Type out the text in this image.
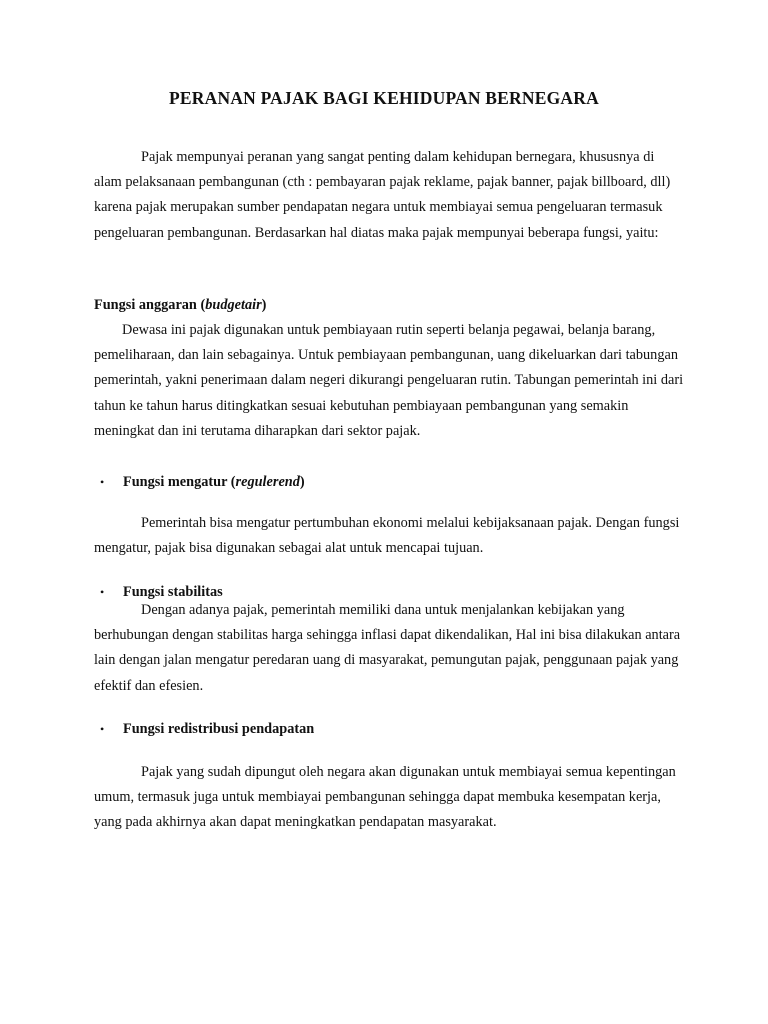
PERANAN PAJAK BAGI KEHIDUPAN BERNEGARA

Pajak mempunyai peranan yang sangat penting dalam kehidupan bernegara, khususnya di alam pelaksanaan pembangunan (cth : pembayaran pajak reklame, pajak banner, pajak billboard, dll) karena pajak merupakan sumber pendapatan negara untuk membiayai semua pengeluaran termasuk pengeluaran pembangunan. Berdasarkan hal diatas maka pajak mempunyai beberapa fungsi, yaitu:

Fungsi anggaran (budgetair)

Dewasa ini pajak digunakan untuk pembiayaan rutin seperti belanja pegawai, belanja barang, pemeliharaan, dan lain sebagainya. Untuk pembiayaan pembangunan, uang dikeluarkan dari tabungan pemerintah, yakni penerimaan dalam negeri dikurangi pengeluaran rutin. Tabungan pemerintah ini dari tahun ke tahun harus ditingkatkan sesuai kebutuhan pembiayaan pembangunan yang semakin meningkat dan ini terutama diharapkan dari sektor pajak.

• Fungsi mengatur (regulerend)

Pemerintah bisa mengatur pertumbuhan ekonomi melalui kebijaksanaan pajak. Dengan fungsi mengatur, pajak bisa digunakan sebagai alat untuk mencapai tujuan.

• Fungsi stabilitas

Dengan adanya pajak, pemerintah memiliki dana untuk menjalankan kebijakan yang berhubungan dengan stabilitas harga sehingga inflasi dapat dikendalikan, Hal ini bisa dilakukan antara lain dengan jalan mengatur peredaran uang di masyarakat, pemungutan pajak, penggunaan pajak yang efektif dan efesien.

• Fungsi redistribusi pendapatan

Pajak yang sudah dipungut oleh negara akan digunakan untuk membiayai semua kepentingan umum, termasuk juga untuk membiayai pembangunan sehingga dapat membuka kesempatan kerja, yang pada akhirnya akan dapat meningkatkan pendapatan masyarakat.
